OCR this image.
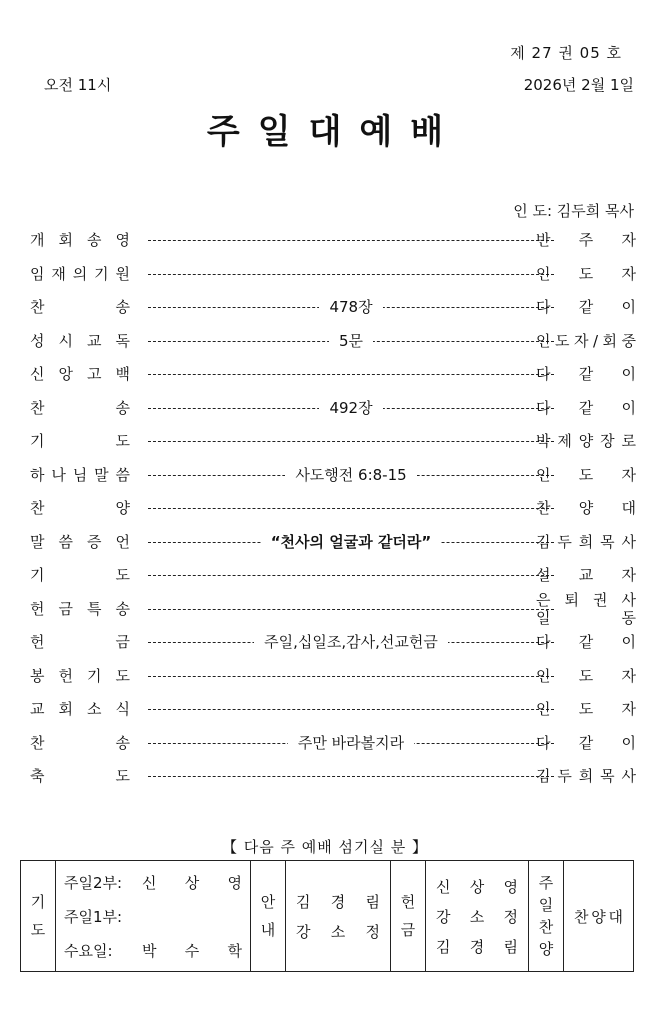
제 27 권 05 호
오전 11시	2026년 2월 1일
주일대예배
인 도: 김두희 목사
개 회 송 영	반 주 자
임 재 의 기 원	인 도 자
찬	송	478장	다 같 이
성 시 교 독	5문	인 도 자 / 회 중
신 앙 고 백	다 같 이
찬	송	492장	다 같 이
기	도	박 제 양 장 로
하 나 님 말 씀	사도행전 6:8-15	인 도 자
찬	양	찬 양 대
말 씀 증 언	“천사의 얼굴과 같더라”	김 두 희 목 사
기	도	설 교 자
헌 금 특 송	은 퇴 권 사
일	동
헌	금	주일,십일조,감사,선교헌금	다 같 이
봉 헌 기 도	인 도 자
교 회 소 식	인 도 자
찬	송	주만 바라볼지라	다 같 이
축	도	김 두 희 목 사
【 다음 주 예배 섬기실 분 】
기
도

주일2부:	신 상 영
주일1부:
수요일:	박 수 학

안
내

김 경 림
강 소 정

헌
금

신 상 영
강 소 정
김 경 림

주
일
찬
양

찬 양 대
